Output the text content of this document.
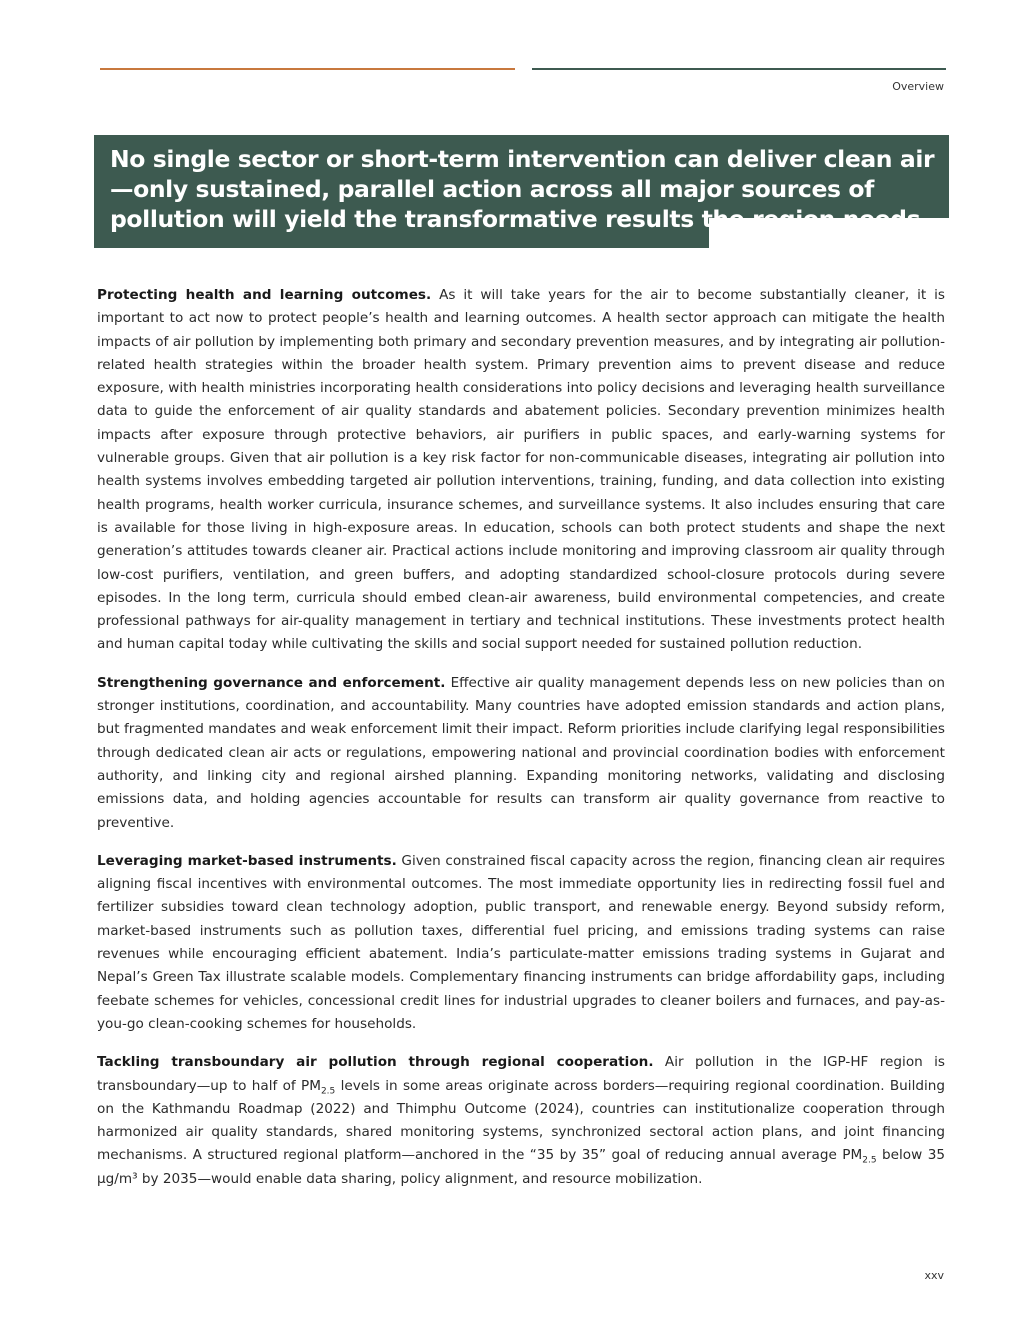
Overview
No single sector or short-term intervention can deliver clean air—only sustained, parallel action across all major sources of pollution will yield the transformative results the region needs.

Protecting health and learning outcomes. As it will take years for the air to become substantially cleaner, it is important to act now to protect people’s health and learning outcomes. A health sector approach can mitigate the health impacts of air pollution by implementing both primary and secondary prevention measures, and by integrating air pollution-related health strategies within the broader health system. Primary prevention aims to prevent disease and reduce exposure, with health ministries incorporating health considerations into policy decisions and leveraging health surveillance data to guide the enforcement of air quality standards and abatement policies. Secondary prevention minimizes health impacts after exposure through protective behaviors, air purifiers in public spaces, and early-warning systems for vulnerable groups. Given that air pollution is a key risk factor for non-communicable diseases, integrating air pollution into health systems involves embedding targeted air pollution interventions, training, funding, and data collection into existing health programs, health worker curricula, insurance schemes, and surveillance systems. It also includes ensuring that care is available for those living in high-exposure areas. In education, schools can both protect students and shape the next generation’s attitudes towards cleaner air. Practical actions include monitoring and improving classroom air quality through low-cost purifiers, ventilation, and green buffers, and adopting standardized school-closure protocols during severe episodes. In the long term, curricula should embed clean-air awareness, build environmental competencies, and create professional pathways for air-quality management in tertiary and technical institutions. These investments protect health and human capital today while cultivating the skills and social support needed for sustained pollution reduction.

Strengthening governance and enforcement. Effective air quality management depends less on new policies than on stronger institutions, coordination, and accountability. Many countries have adopted emission standards and action plans, but fragmented mandates and weak enforcement limit their impact. Reform priorities include clarifying legal responsibilities through dedicated clean air acts or regulations, empowering national and provincial coordination bodies with enforcement authority, and linking city and regional airshed planning. Expanding monitoring networks, validating and disclosing emissions data, and holding agencies accountable for results can transform air quality governance from reactive to preventive.

Leveraging market-based instruments. Given constrained fiscal capacity across the region, financing clean air requires aligning fiscal incentives with environmental outcomes. The most immediate opportunity lies in redirecting fossil fuel and fertilizer subsidies toward clean technology adoption, public transport, and renewable energy. Beyond subsidy reform, market-based instruments such as pollution taxes, differential fuel pricing, and emissions trading systems can raise revenues while encouraging efficient abatement. India’s particulate-matter emissions trading systems in Gujarat and Nepal’s Green Tax illustrate scalable models. Complementary financing instruments can bridge affordability gaps, including feebate schemes for vehicles, concessional credit lines for industrial upgrades to cleaner boilers and furnaces, and pay-as-you-go clean-cooking schemes for households.

Tackling transboundary air pollution through regional cooperation. Air pollution in the IGP-HF region is transboundary—up to half of $PM_{2.5}$ levels in some areas originate across borders—requiring regional coordination. Building on the Kathmandu Roadmap (2022) and Thimphu Outcome (2024), countries can institutionalize cooperation through harmonized air quality standards, shared monitoring systems, synchronized sectoral action plans, and joint financing mechanisms. A structured regional platform—anchored in the “35 by 35” goal of reducing annual average $PM_{2.5}$ below 35 µg/m³ by 2035—would enable data sharing, policy alignment, and resource mobilization.

xxv
